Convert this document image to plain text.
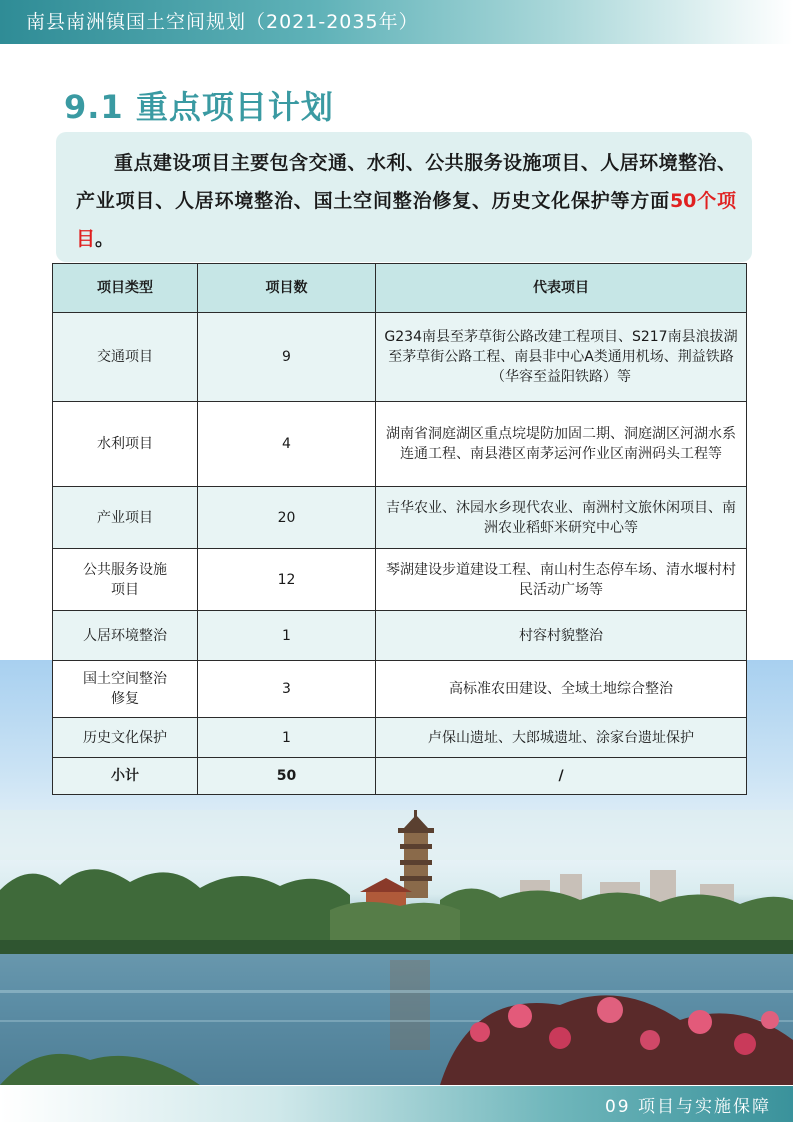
南县南洲镇国土空间规划（2021-2035年）
9.1 重点项目计划

重点建设项目主要包含交通、水利、公共服务设施项目、人居环境整治、产业项目、人居环境整治、国土空间整治修复、历史文化保护等方面50个项目。

项目类型	项目数	代表项目
交通项目	9	G234南县至茅草街公路改建工程项目、S217南县浪拔湖至茅草街公路工程、南县非中心A类通用机场、荆益铁路（华容至益阳铁路）等
水利项目	4	湖南省洞庭湖区重点垸堤防加固二期、洞庭湖区河湖水系连通工程、南县港区南茅运河作业区南洲码头工程等
产业项目	20	吉华农业、沐园水乡现代农业、南洲村文旅休闲项目、南洲农业稻虾米研究中心等
公共服务设施项目	12	琴湖建设步道建设工程、南山村生态停车场、清水堰村村民活动广场等
人居环境整治	1	村容村貌整治
国土空间整治修复	3	高标准农田建设、全域土地综合整治
历史文化保护	1	卢保山遗址、大郎城遗址、涂家台遗址保护
小计	50	/
09 项目与实施保障
